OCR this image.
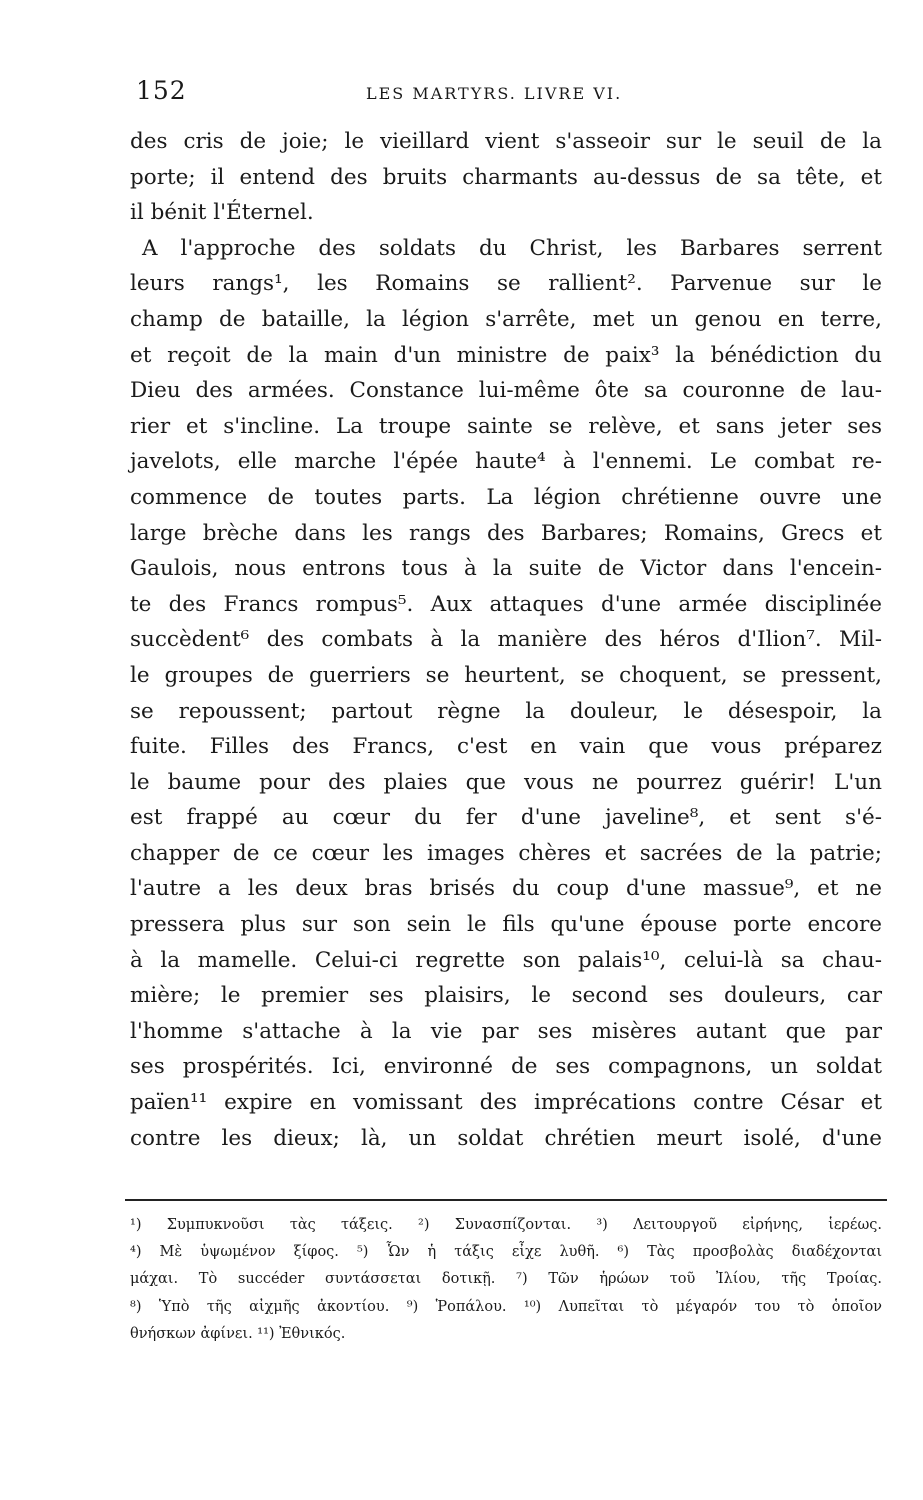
152	LES MARTYRS. LIVRE VI.
des cris de joie; le vieillard vient s'asseoir sur le seuil de la
porte; il entend des bruits charmants au-dessus de sa tête, et
il bénit l'Éternel.
A l'approche des soldats du Christ, les Barbares serrent
leurs rangs¹, les Romains se rallient². Parvenue sur le
champ de bataille, la légion s'arrête, met un genou en terre,
et reçoit de la main d'un ministre de paix³ la bénédiction du
Dieu des armées. Constance lui-même ôte sa couronne de lau-
rier et s'incline. La troupe sainte se relève, et sans jeter ses
javelots, elle marche l'épée haute⁴ à l'ennemi. Le combat re-
commence de toutes parts. La légion chrétienne ouvre une
large brèche dans les rangs des Barbares; Romains, Grecs et
Gaulois, nous entrons tous à la suite de Victor dans l'encein-
te des Francs rompus⁵. Aux attaques d'une armée disciplinée
succèdent⁶ des combats à la manière des héros d'Ilion⁷. Mil-
le groupes de guerriers se heurtent, se choquent, se pressent,
se repoussent; partout règne la douleur, le désespoir, la
fuite. Filles des Francs, c'est en vain que vous préparez
le baume pour des plaies que vous ne pourrez guérir! L'un
est frappé au cœur du fer d'une javeline⁸, et sent s'é-
chapper de ce cœur les images chères et sacrées de la patrie;
l'autre a les deux bras brisés du coup d'une massue⁹, et ne
pressera plus sur son sein le fils qu'une épouse porte encore
à la mamelle. Celui-ci regrette son palais¹⁰, celui-là sa chau-
mière; le premier ses plaisirs, le second ses douleurs, car
l'homme s'attache à la vie par ses misères autant que par
ses prospérités. Ici, environné de ses compagnons, un soldat
païen¹¹ expire en vomissant des imprécations contre César et
contre les dieux; là, un soldat chrétien meurt isolé, d'une
¹) Συμπυκνοῦσι τὰς τάξεις. ²) Συνασπίζονται. ³) Λειτουργοῦ εἰρήνης, ἱερέως.
⁴) Μὲ ὑψωμένον ξίφος. ⁵) Ὧν ἡ τάξις εἶχε λυθῆ. ⁶) Τὰς προσβολὰς διαδέχονται
μάχαι. Τὸ succéder συντάσσεται δοτικῇ. ⁷) Τῶν ἡρώων τοῦ Ἰλίου, τῆς Τροίας.
⁸) Ὑπὸ τῆς αἰχμῆς ἀκοντίου. ⁹) Ῥοπάλου. ¹⁰) Λυπεῖται τὸ μέγαρόν του τὸ ὁποῖον
θνήσκων ἀφίνει. ¹¹) Ἐθνικός.
